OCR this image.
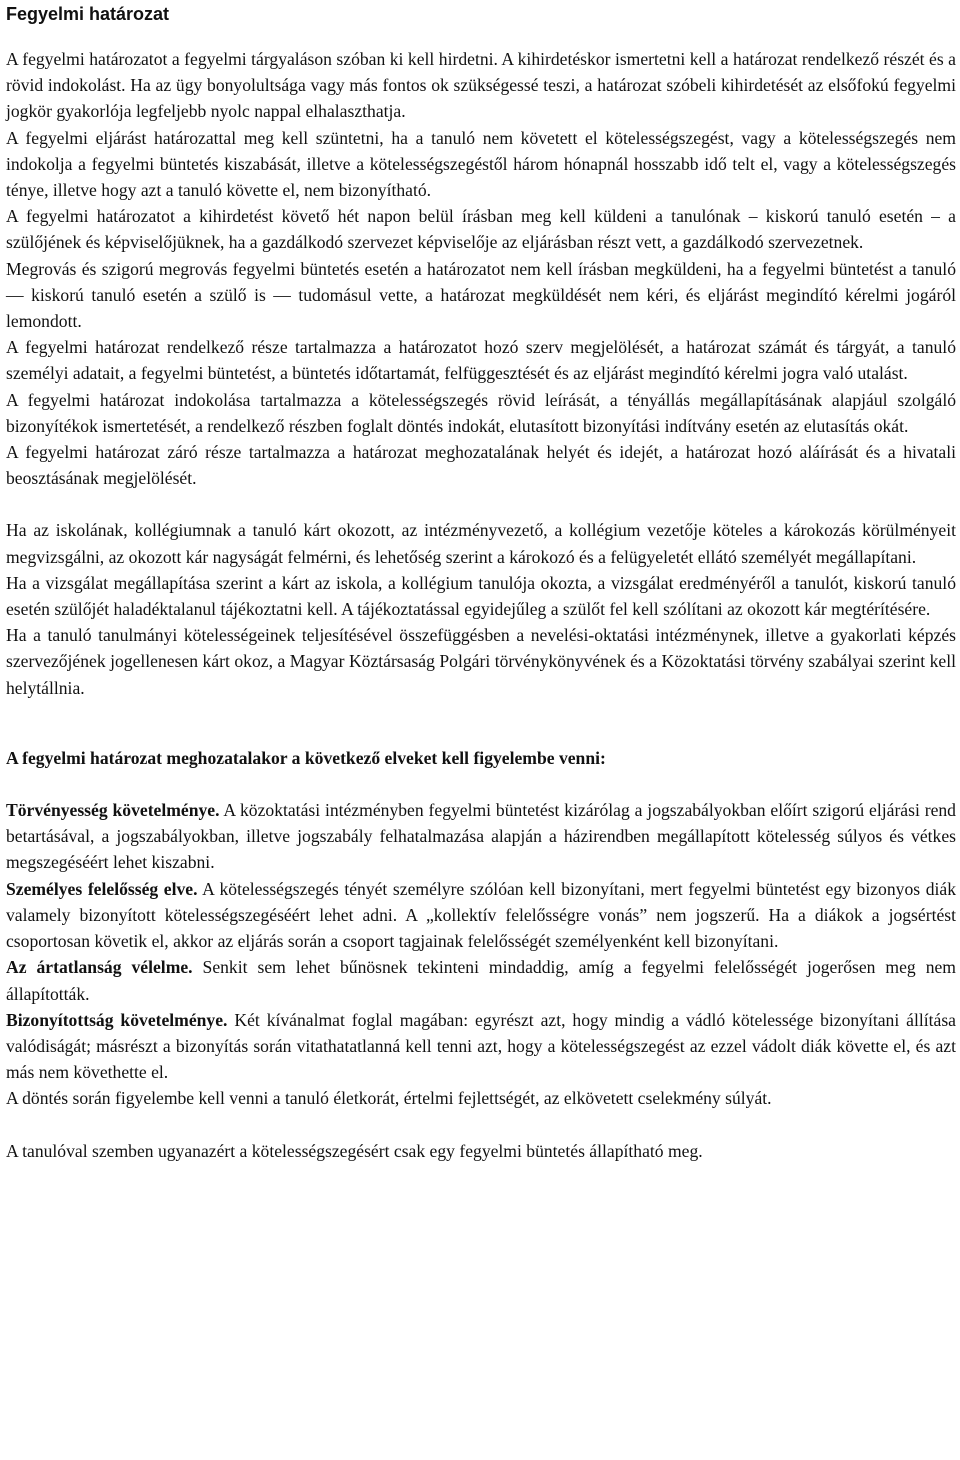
Fegyelmi határozat

A fegyelmi határozatot a fegyelmi tárgyaláson szóban ki kell hirdetni. A kihirdetéskor ismertetni kell a határozat rendelkező részét és a rövid indokolást. Ha az ügy bonyolultsága vagy más fontos ok szükségessé teszi, a határozat szóbeli kihirdetését az elsőfokú fegyelmi jogkör gyakorlója legfeljebb nyolc nappal elhalaszthatja.

A fegyelmi eljárást határozattal meg kell szüntetni, ha a tanuló nem követett el kötelességszegést, vagy a kötelességszegés nem indokolja a fegyelmi büntetés kiszabását, illetve a kötelességszegéstől három hónapnál hosszabb idő telt el, vagy a kötelességszegés ténye, illetve hogy azt a tanuló követte el, nem bizonyítható.

A fegyelmi határozatot a kihirdetést követő hét napon belül írásban meg kell küldeni a tanulónak – kiskorú tanuló esetén – a szülőjének és képviselőjüknek, ha a gazdálkodó szervezet képviselője az eljárásban részt vett, a gazdálkodó szervezetnek.

Megrovás és szigorú megrovás fegyelmi büntetés esetén a határozatot nem kell írásban megküldeni, ha a fegyelmi büntetést a tanuló — kiskorú tanuló esetén a szülő is — tudomásul vette, a határozat megküldését nem kéri, és eljárást megindító kérelmi jogáról lemondott.

A fegyelmi határozat rendelkező része tartalmazza a határozatot hozó szerv megjelölését, a határozat számát és tárgyát, a tanuló személyi adatait, a fegyelmi büntetést, a büntetés időtartamát, felfüggesztését és az eljárást megindító kérelmi jogra való utalást.

A fegyelmi határozat indokolása tartalmazza a kötelességszegés rövid leírását, a tényállás megállapításának alapjául szolgáló bizonyítékok ismertetését, a rendelkező részben foglalt döntés indokát, elutasított bizonyítási indítvány esetén az elutasítás okát.

A fegyelmi határozat záró része tartalmazza a határozat meghozatalának helyét és idejét, a határozat hozó aláírását és a hivatali beosztásának megjelölését.

Ha az iskolának, kollégiumnak a tanuló kárt okozott, az intézményvezető, a kollégium vezetője köteles a károkozás körülményeit megvizsgálni, az okozott kár nagyságát felmérni, és lehetőség szerint a károkozó és a felügyeletét ellátó személyét megállapítani.

Ha a vizsgálat megállapítása szerint a kárt az iskola, a kollégium tanulója okozta, a vizsgálat eredményéről a tanulót, kiskorú tanuló esetén szülőjét haladéktalanul tájékoztatni kell. A tájékoztatással egyidejűleg a szülőt fel kell szólítani az okozott kár megtérítésére.

Ha a tanuló tanulmányi kötelességeinek teljesítésével összefüggésben a nevelési-oktatási intézménynek, illetve a gyakorlati képzés szervezőjének jogellenesen kárt okoz, a Magyar Köztársaság Polgári törvénykönyvének és a Közoktatási törvény szabályai szerint kell helytállnia.

A fegyelmi határozat meghozatalakor a következő elveket kell figyelembe venni:

Törvényesség követelménye. A közoktatási intézményben fegyelmi büntetést kizárólag a jogszabályokban előírt szigorú eljárási rend betartásával, a jogszabályokban, illetve jogszabály felhatalmazása alapján a házirendben megállapított kötelesség súlyos és vétkes megszegéséért lehet kiszabni.

Személyes felelősség elve. A kötelességszegés tényét személyre szólóan kell bizonyítani, mert fegyelmi büntetést egy bizonyos diák valamely bizonyított kötelességszegéséért lehet adni. A „kollektív felelősségre vonás” nem jogszerű. Ha a diákok a jogsértést csoportosan követik el, akkor az eljárás során a csoport tagjainak felelősségét személyenként kell bizonyítani.

Az ártatlanság vélelme. Senkit sem lehet bűnösnek tekinteni mindaddig, amíg a fegyelmi felelősségét jogerősen meg nem állapították.

Bizonyítottság követelménye. Két kívánalmat foglal magában: egyrészt azt, hogy mindig a vádló kötelessége bizonyítani állítása valódiságát; másrészt a bizonyítás során vitathatatlanná kell tenni azt, hogy a kötelességszegést az ezzel vádolt diák követte el, és azt más nem követhette el.

A döntés során figyelembe kell venni a tanuló életkorát, értelmi fejlettségét, az elkövetett cselekmény súlyát.

A tanulóval szemben ugyanazért a kötelességszegésért csak egy fegyelmi büntetés állapítható meg.
